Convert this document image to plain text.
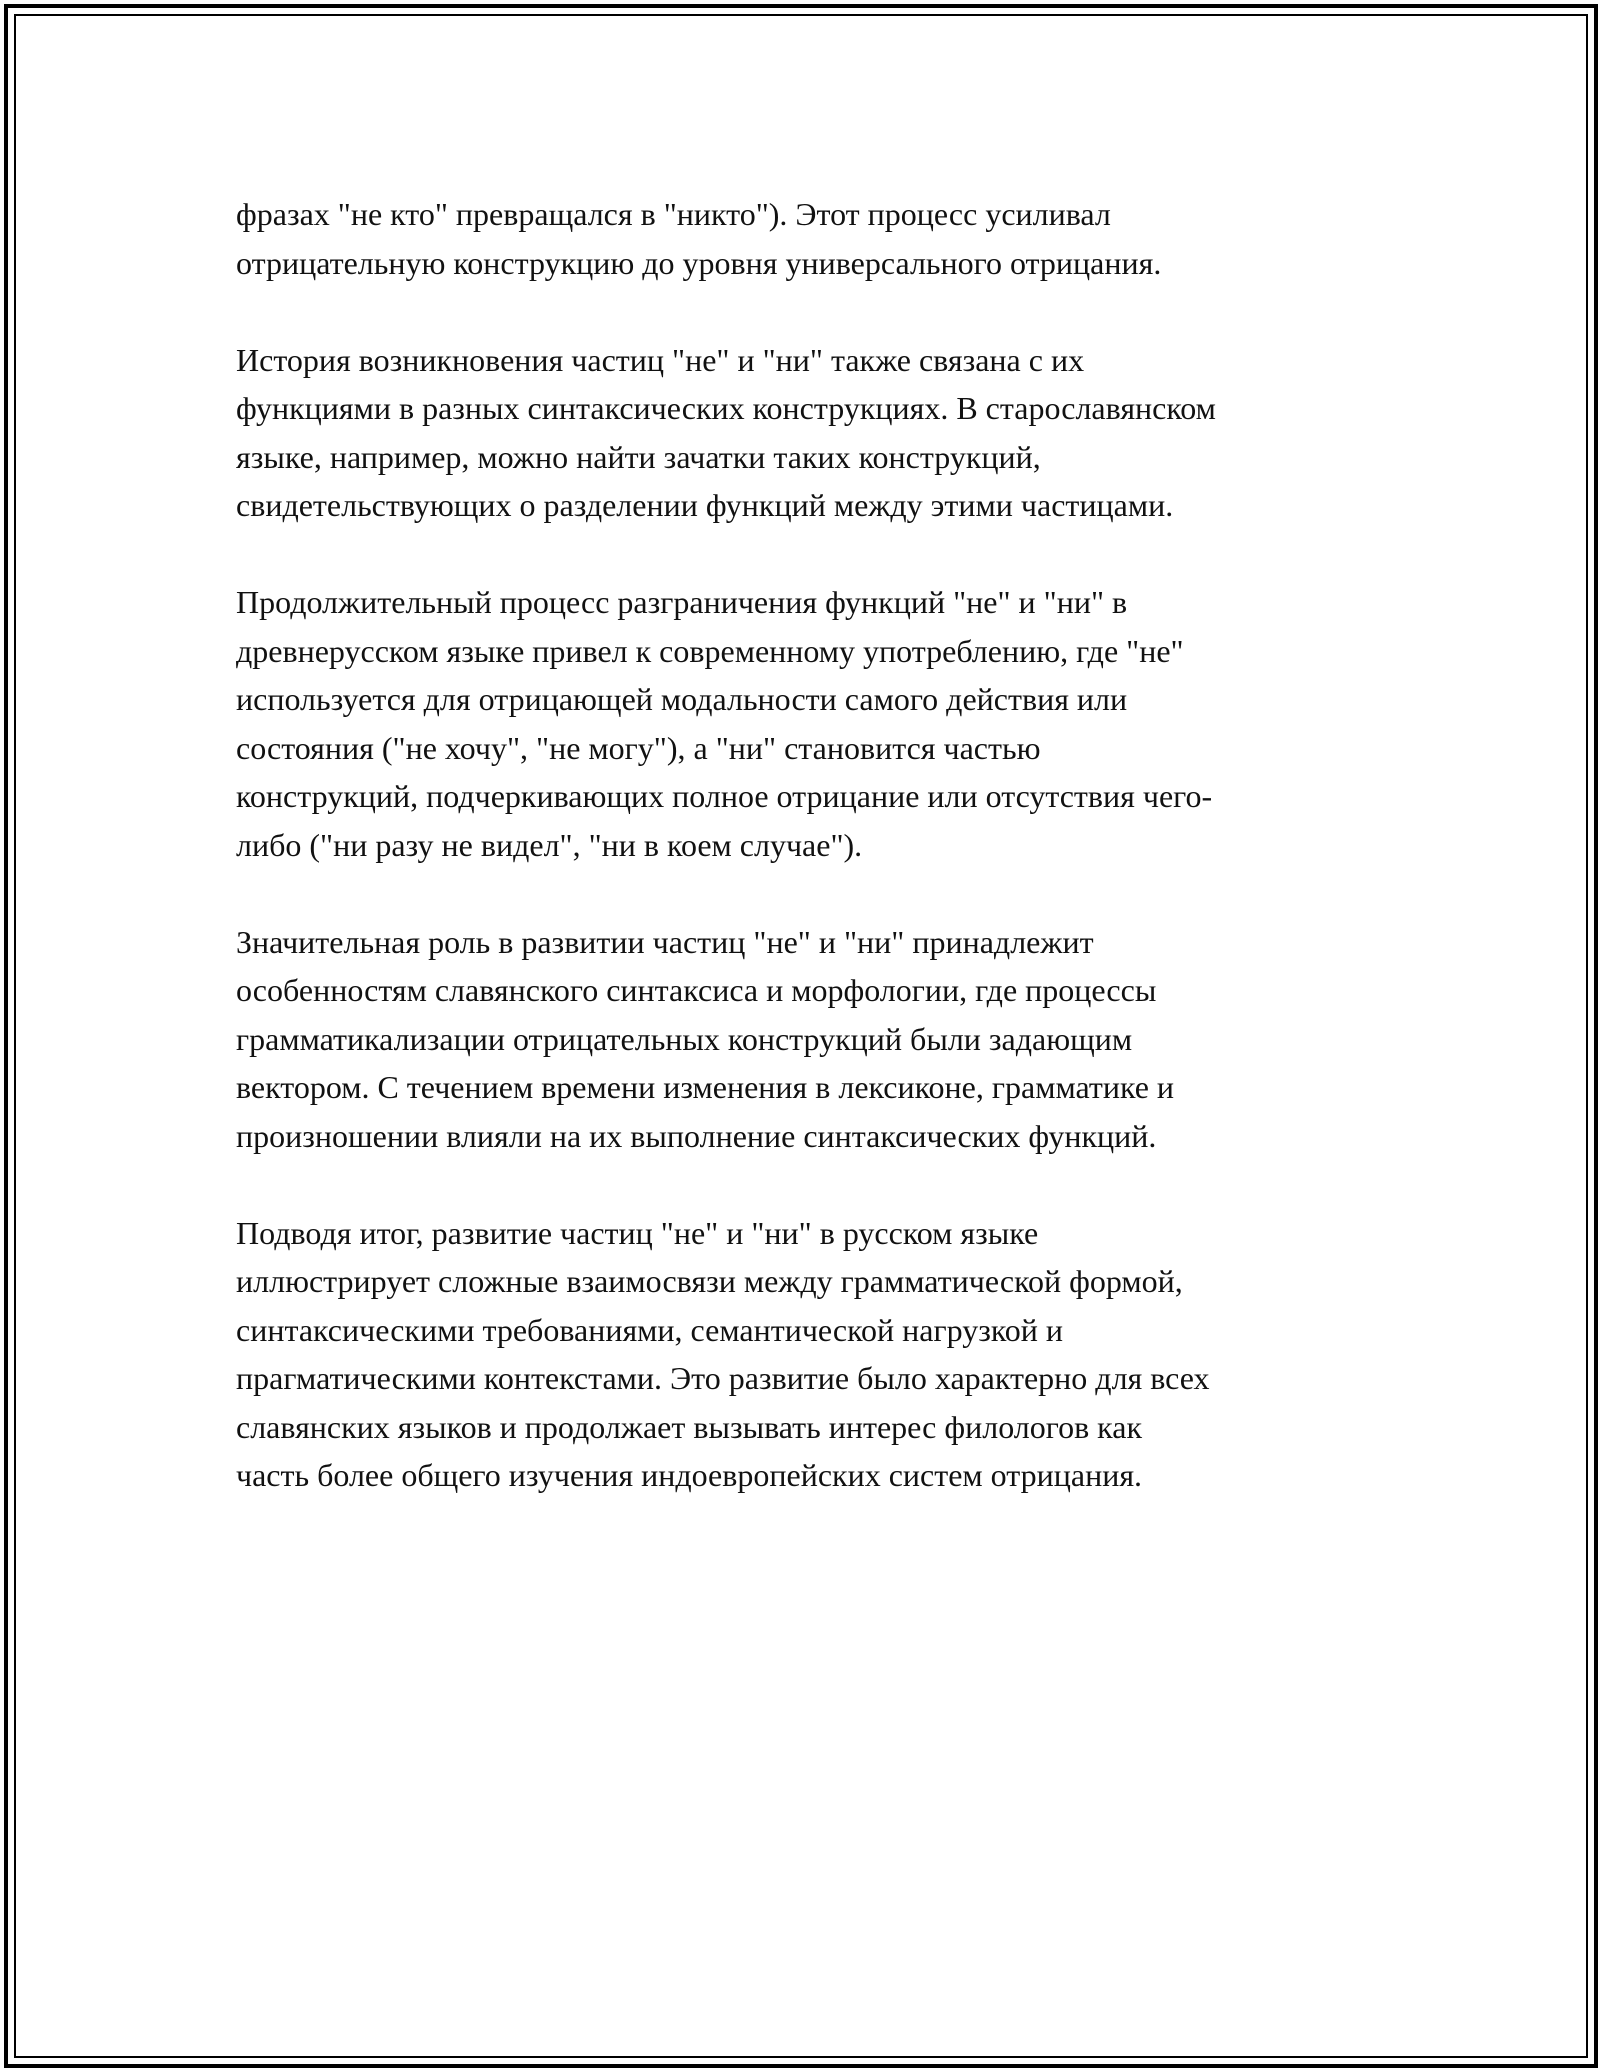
фразах "не кто" превращался в "никто"). Этот процесс усиливал
отрицательную конструкцию до уровня универсального отрицания.

История возникновения частиц "не" и "ни" также связана с их
функциями в разных синтаксических конструкциях. В старославянском
языке, например, можно найти зачатки таких конструкций,
свидетельствующих о разделении функций между этими частицами.

Продолжительный процесс разграничения функций "не" и "ни" в
древнерусском языке привел к современному употреблению, где "не"
используется для отрицающей модальности самого действия или
состояния ("не хочу", "не могу"), а "ни" становится частью
конструкций, подчеркивающих полное отрицание или отсутствия чего-
либо ("ни разу не видел", "ни в коем случае").

Значительная роль в развитии частиц "не" и "ни" принадлежит
особенностям славянского синтаксиса и морфологии, где процессы
грамматикализации отрицательных конструкций были задающим
вектором. С течением времени изменения в лексиконе, грамматике и
произношении влияли на их выполнение синтаксических функций.

Подводя итог, развитие частиц "не" и "ни" в русском языке
иллюстрирует сложные взаимосвязи между грамматической формой,
синтаксическими требованиями, семантической нагрузкой и
прагматическими контекстами. Это развитие было характерно для всех
славянских языков и продолжает вызывать интерес филологов как
часть более общего изучения индоевропейских систем отрицания.
